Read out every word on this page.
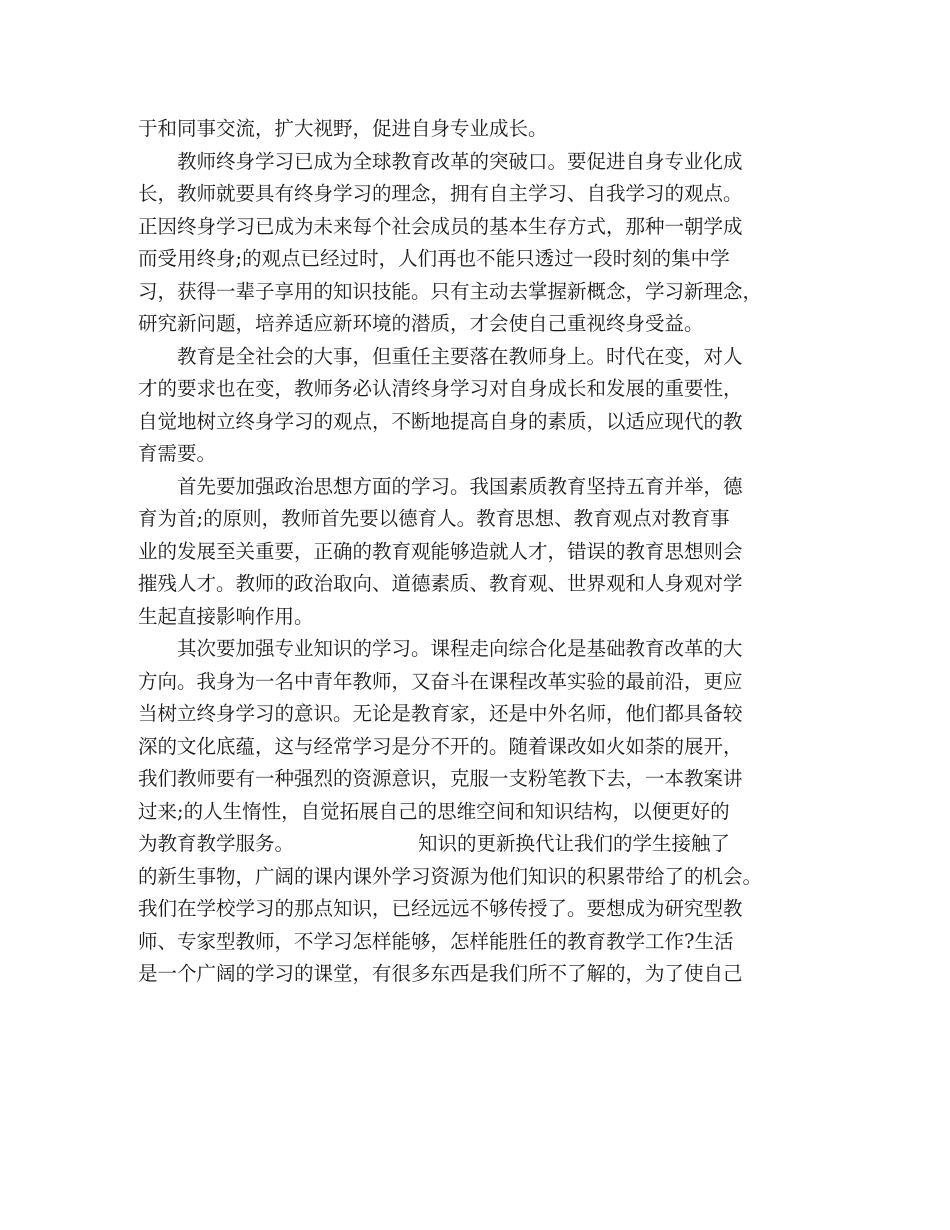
于和同事交流，扩大视野，促进自身专业成长。
教师终身学习已成为全球教育改革的突破口。要促进自身专业化成
长，教师就要具有终身学习的理念，拥有自主学习、自我学习的观点。
正因终身学习已成为未来每个社会成员的基本生存方式，那种一朝学成
而受用终身;的观点已经过时，人们再也不能只透过一段时刻的集中学
习，获得一辈子享用的知识技能。只有主动去掌握新概念，学习新理念，
研究新问题，培养适应新环境的潜质，才会使自己重视终身受益。
教育是全社会的大事，但重任主要落在教师身上。时代在变，对人
才的要求也在变，教师务必认清终身学习对自身成长和发展的重要性，
自觉地树立终身学习的观点，不断地提高自身的素质，以适应现代的教
育需要。
首先要加强政治思想方面的学习。我国素质教育坚持五育并举，德
育为首;的原则，教师首先要以德育人。教育思想、教育观点对教育事
业的发展至关重要，正确的教育观能够造就人才，错误的教育思想则会
摧残人才。教师的政治取向、道德素质、教育观、世界观和人身观对学
生起直接影响作用。
其次要加强专业知识的学习。课程走向综合化是基础教育改革的大
方向。我身为一名中青年教师，又奋斗在课程改革实验的最前沿，更应
当树立终身学习的意识。无论是教育家，还是中外名师，他们都具备较
深的文化底蕴，这与经常学习是分不开的。随着课改如火如荼的展开，
我们教师要有一种强烈的资源意识，克服一支粉笔教下去，一本教案讲
过来;的人生惰性，自觉拓展自己的思维空间和知识结构，以便更好的
为教育教学服务。                    知识的更新换代让我们的学生接触了
的新生事物，广阔的课内课外学习资源为他们知识的积累带给了的机会。
我们在学校学习的那点知识，已经远远不够传授了。要想成为研究型教
师、专家型教师，不学习怎样能够，怎样能胜任的教育教学工作?生活
是一个广阔的学习的课堂，有很多东西是我们所不了解的，为了使自己
